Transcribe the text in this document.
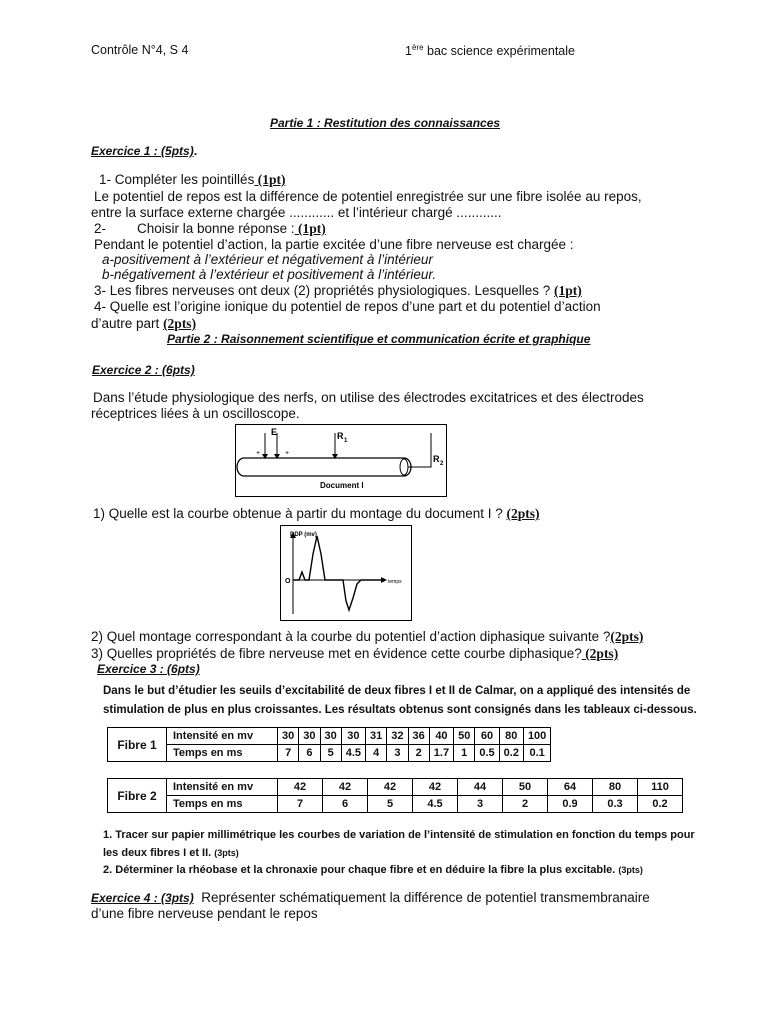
Contrôle N°4, S 4	1ère bac science expérimentale
Partie 1 : Restitution des connaissances
Exercice 1 : (5pts).
1- Compléter les pointillés (1pt)
Le potentiel de repos est la différence de potentiel enregistrée sur une fibre isolée au repos,
entre la surface externe chargée ............ et l’intérieur chargé ............
2- Choisir la bonne réponse : (1pt)
Pendant le potentiel d’action, la partie excitée d’une fibre nerveuse est chargée :
a-positivement à l’extérieur et négativement à l’intérieur
b-négativement à l’extérieur et positivement à l’intérieur.
3- Les fibres nerveuses ont deux (2) propriétés physiologiques. Lesquelles ? (1pt)
4- Quelle est l’origine ionique du potentiel de repos d’une part et du potentiel d’action
d’autre part (2pts)
Partie 2 : Raisonnement scientifique et communication écrite et graphique
Exercice 2 : (6pts)
Dans l’étude physiologique des nerfs, on utilise des électrodes excitatrices et des électrodes
réceptrices liées à un oscilloscope.
E	R 1
R 2
+	+
Document I
1) Quelle est la courbe obtenue à partir du montage du document I ? (2pts)
DDP (mv)
O	temps
2) Quel montage correspondant à la courbe du potentiel d’action diphasique suivante ?(2pts)
3) Quelles propriétés de fibre nerveuse met en évidence cette courbe diphasique? (2pts)
Exercice 3 : (6pts)
Dans le but d’étudier les seuils d’excitabilité de deux fibres I et II de Calmar, on a appliqué des intensités de
stimulation de plus en plus croissantes. Les résultats obtenus sont consignés dans les tableaux ci-dessous.
Fibre 1	Intensité en mv	30	30	30	30	31	32	36	40	50	60	80	100
	Temps en ms	7	6	5	4.5	4	3	2	1.7	1	0.5	0.2	0.1
Fibre 2	Intensité en mv	42	42	42	42	44	50	64	80	110
	Temps en ms	7	6	5	4.5	3	2	0.9	0.3	0.2
1. Tracer sur papier millimétrique les courbes de variation de l’intensité de stimulation en fonction du temps pour
les deux fibres I et II. (3pts)
2. Déterminer la rhéobase et la chronaxie pour chaque fibre et en déduire la fibre la plus excitable. (3pts)
Exercice 4 : (3pts) Représenter schématiquement la différence de potentiel transmembranaire
d’une fibre nerveuse pendant le repos
